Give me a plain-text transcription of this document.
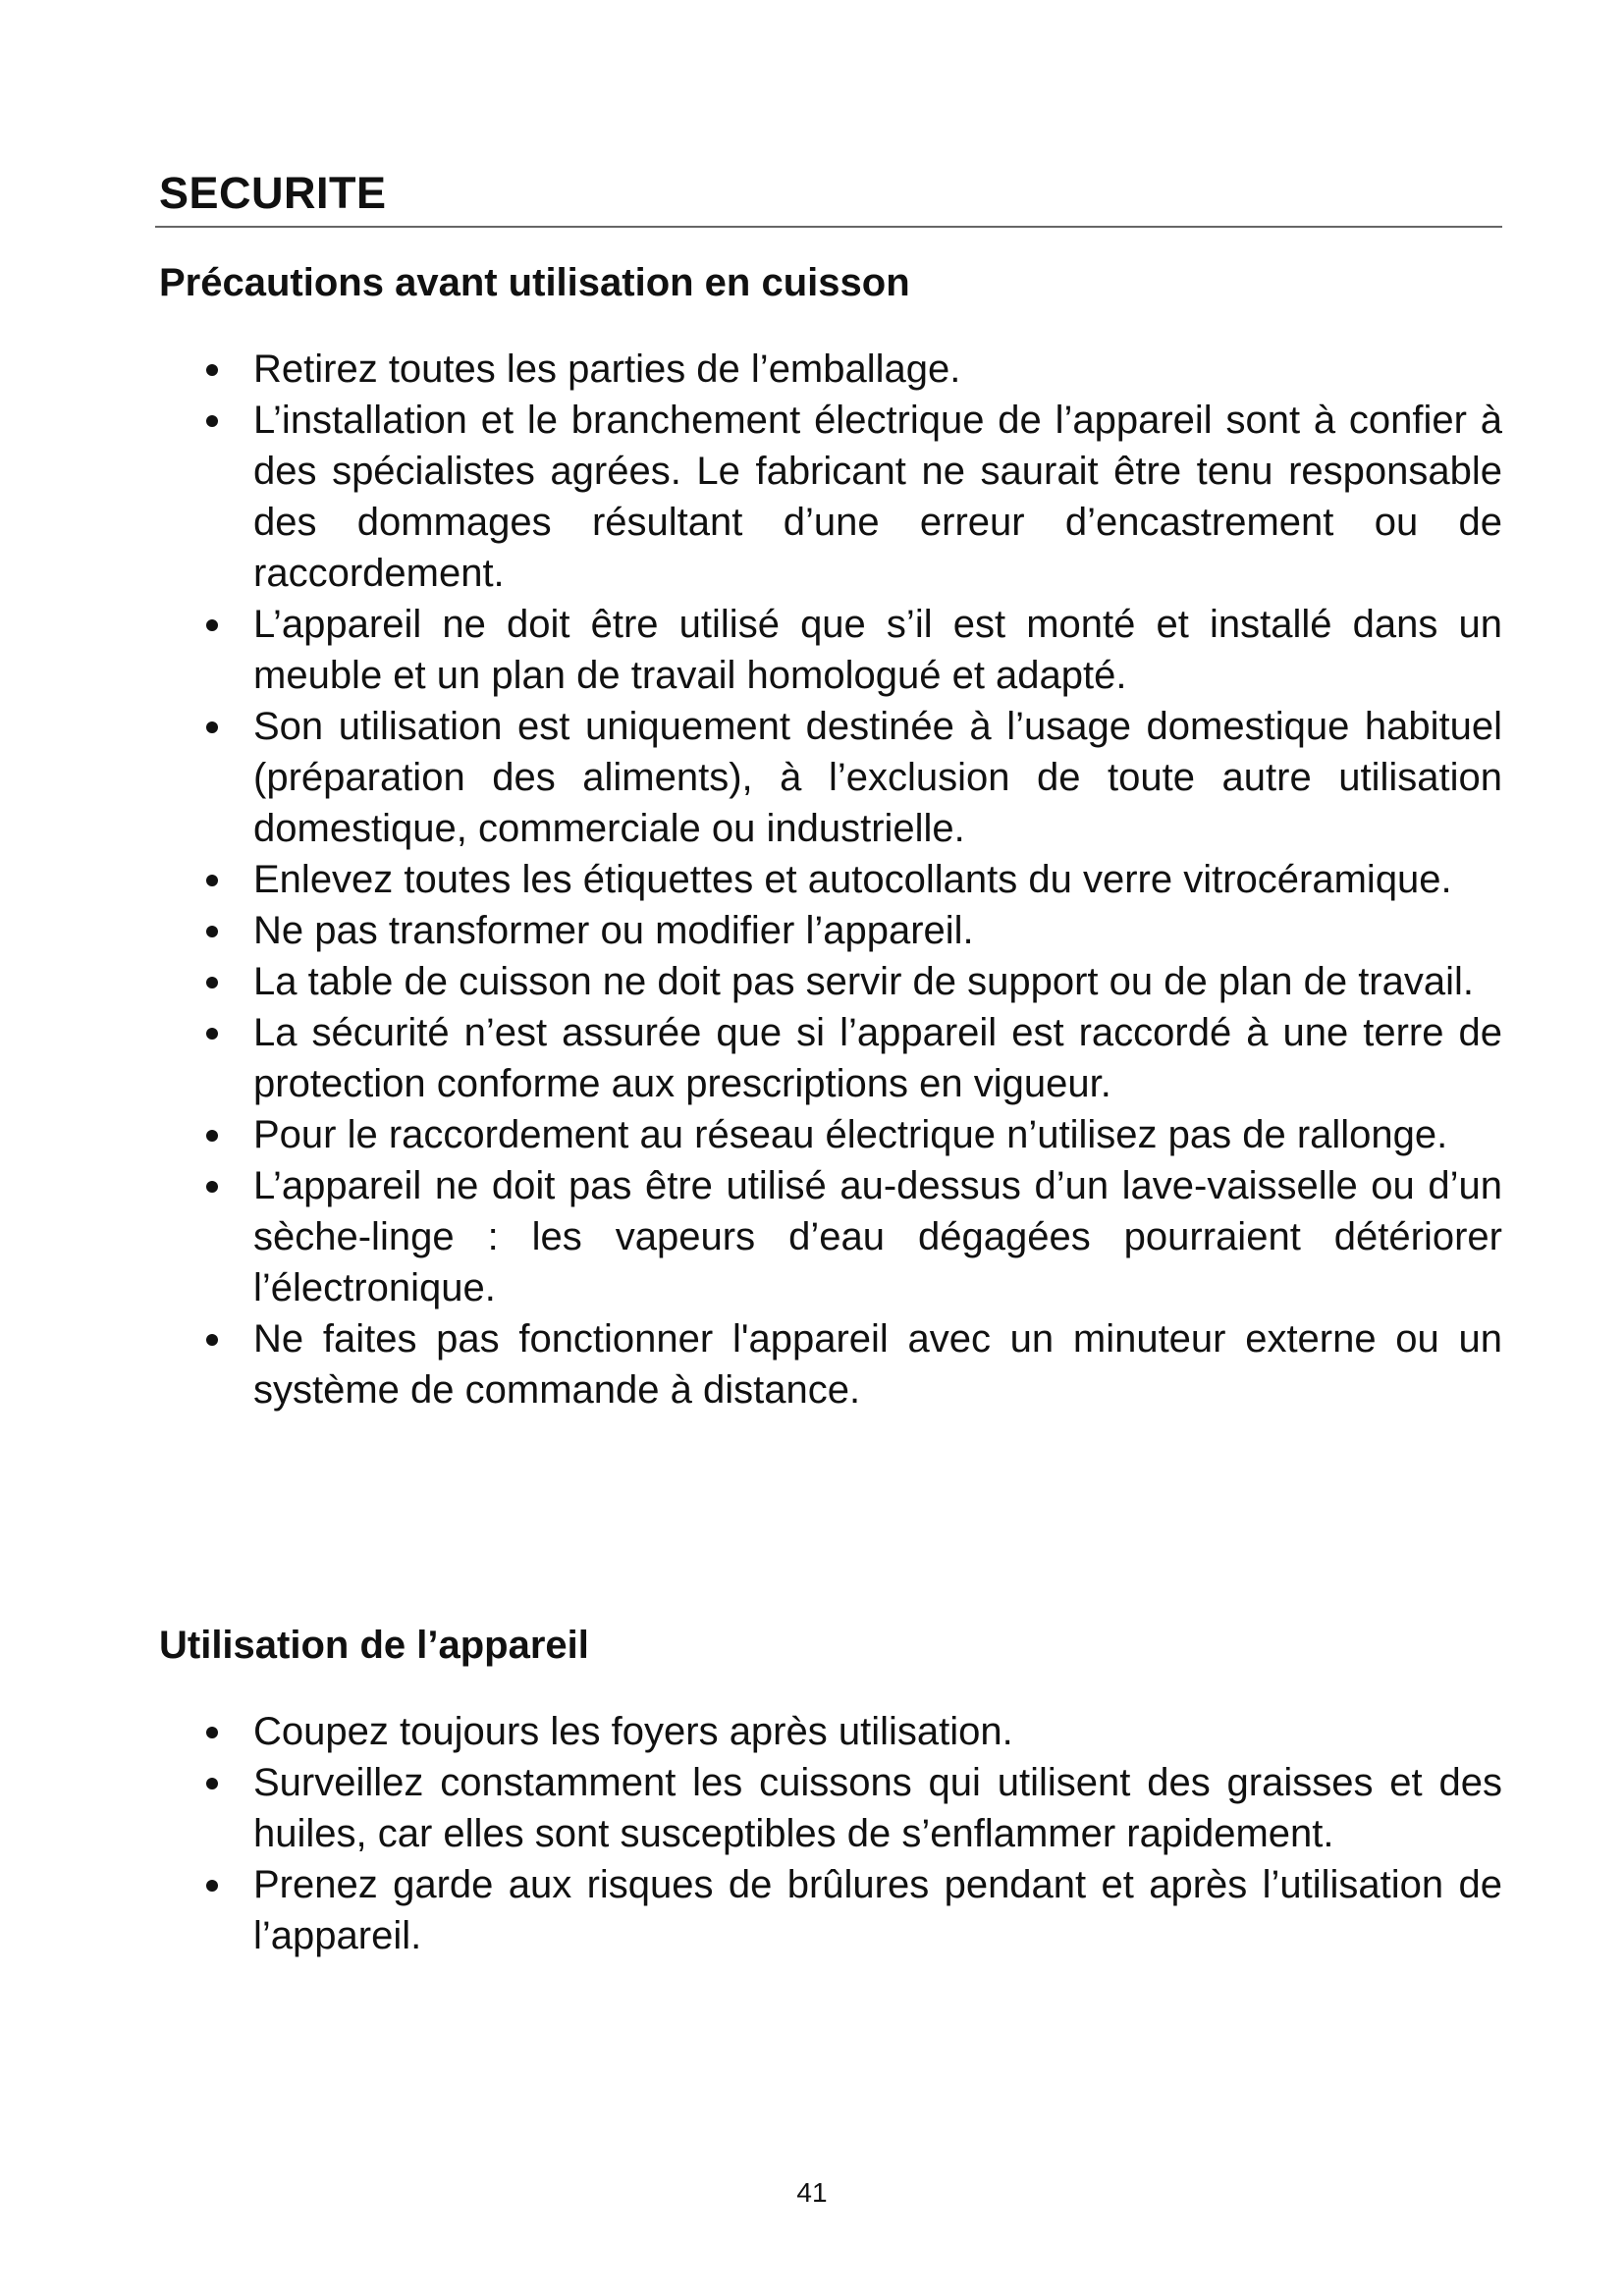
SECURITE
Précautions avant utilisation en cuisson
Retirez toutes les parties de l’emballage.
L’installation et le branchement électrique de l’appareil sont à confier à des spécialistes agrées. Le fabricant ne saurait être tenu responsable des dommages résultant d’une erreur d’encastrement ou de raccordement.
L’appareil ne doit être utilisé que s’il est monté et installé dans un meuble et un plan de travail homologué et adapté.
Son utilisation est uniquement destinée à l’usage domestique habituel (préparation des aliments), à l’exclusion de toute autre utilisation domestique, commerciale ou industrielle.
Enlevez toutes les étiquettes et autocollants du verre vitrocéramique.
Ne pas transformer ou modifier l’appareil.
La table de cuisson ne doit pas servir de support ou de plan de travail.
La sécurité n’est assurée que si l’appareil est raccordé à une terre de protection conforme aux prescriptions en vigueur.
Pour le raccordement au réseau électrique n’utilisez pas de rallonge.
L’appareil ne doit pas être utilisé au-dessus d’un lave-vaisselle ou d’un sèche-linge : les vapeurs d’eau dégagées pourraient détériorer l’électronique.
Ne faites pas fonctionner l'appareil avec un minuteur externe ou un système de commande à distance.
Utilisation de l’appareil
Coupez toujours les foyers après utilisation.
Surveillez constamment les cuissons qui utilisent des graisses et des huiles, car elles sont susceptibles de s’enflammer rapidement.
Prenez garde aux risques de brûlures pendant et après l’utilisation de l’appareil.
41
